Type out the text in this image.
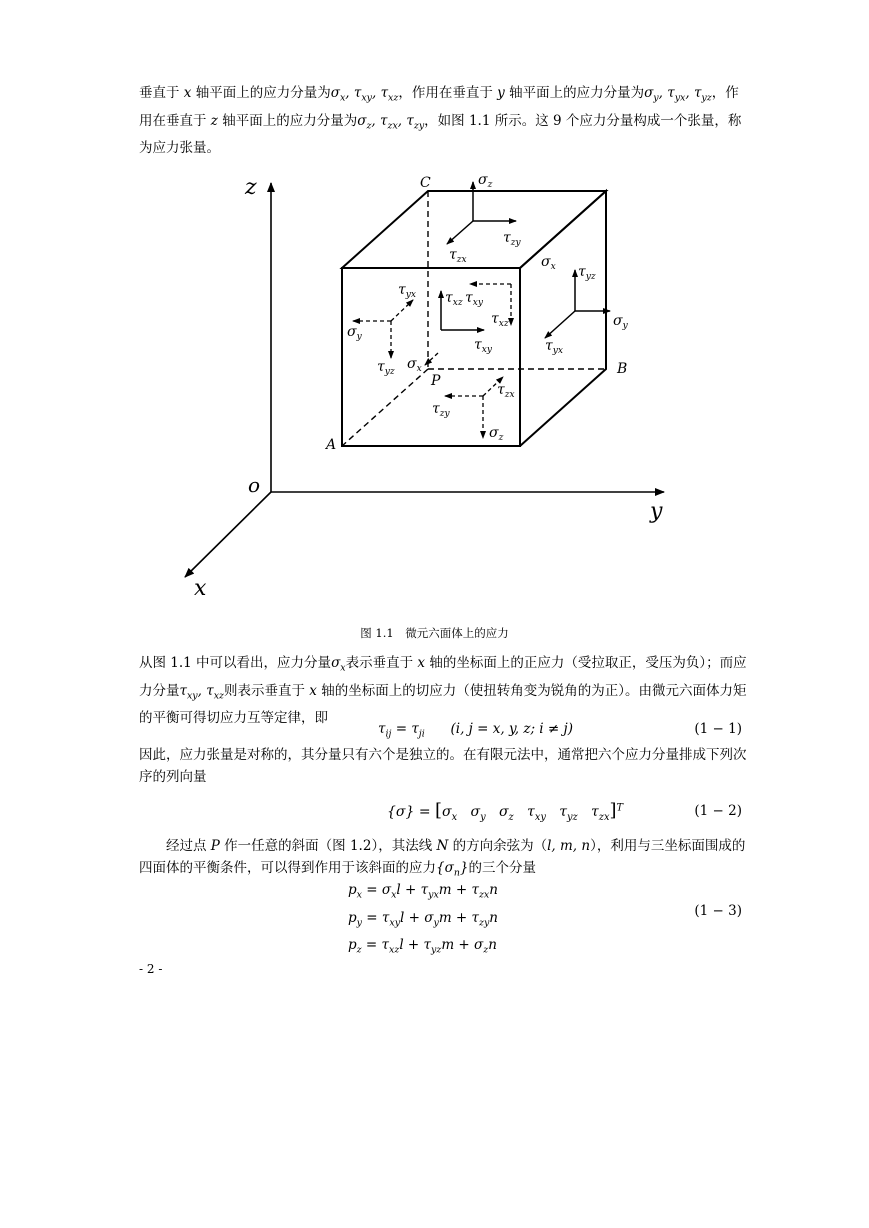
垂直于 x 轴平面上的应力分量为$\sigma_x$, $\tau_{xy}$, $\tau_{xz}$，作用在垂直于 y 轴平面上的应力分量为$\sigma_y$, $\tau_{yx}$, $\tau_{yz}$，作用在垂直于 z 轴平面上的应力分量为$\sigma_z$, $\tau_{zx}$, $\tau_{zy}$，如图 1.1 所示。这 9 个应力分量构成一个张量，称为应力张量。

z
y
x
o
C
B
A
P
$\sigma_z$
$\tau_{zy}$
$\tau_{zx}$	$\sigma_x$ $\tau_{yz}$
$\sigma_y$
$\tau_{yx}$
$\tau_{yx}$
$\sigma_y$
$\tau_{yz}$ $\sigma_x$
$\tau_{xz}$ $\tau_{xy}$
$\tau_{xy}$
$\tau_{xz}$
$\tau_{zx}$
$\tau_{zy}$
$\sigma_z$
图 1.1　微元六面体上的应力

从图 1.1 中可以看出，应力分量$\sigma_x$表示垂直于 x 轴的坐标面上的正应力（受拉取正，受压为负）；而应力分量$\tau_{xy}$, $\tau_{xz}$则表示垂直于 x 轴的坐标面上的切应力（使扭转角变为锐角的为正）。由微元六面体力矩的平衡可得切应力互等定律，即

$\tau_{ij} = \tau_{ji}$ (i, j = x, y, z; i ≠ j)	(1 − 1)

因此，应力张量是对称的，其分量只有六个是独立的。在有限元法中，通常把六个应力分量排成下列次序的列向量

$\{\sigma\} = [\sigma_x$   $\sigma_y$   $\sigma_z$   $\tau_{xy}$   $\tau_{yz}$   $\tau_{zx}]^T$	(1 − 2)

经过点 P 作一任意的斜面（图 1.2），其法线 N 的方向余弦为（l, m, n），利用与三坐标面围成的四面体的平衡条件，可以得到作用于该斜面的应力$\{\sigma_n\}$的三个分量

$p_x = \sigma_xl + \tau_{yx}m + \tau_{zx}n$
$p_y = \tau_{xy}l + \sigma_ym + \tau_{zy}n$
$p_z = \tau_{xz}l + \tau_{yz}m + \sigma_zn$
(1 − 3)
- 2 -
